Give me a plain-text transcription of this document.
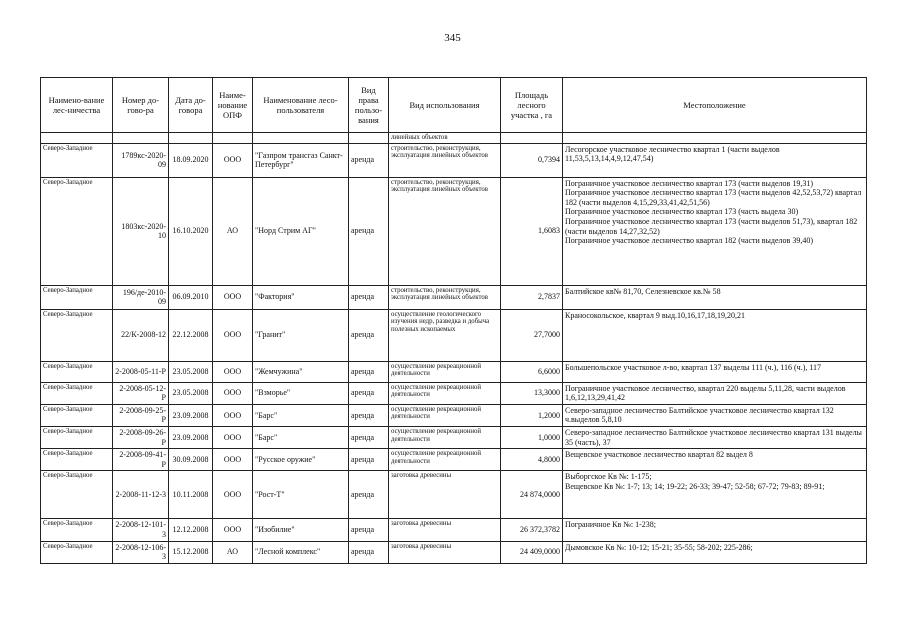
345
Наимено-вание лес-ничества	Номер до-гово-ра	Дата до-говора	Наиме-нование ОПФ	Наименование лесо-пользователя	Вид права пользо-вания	Вид использования	Площадь лесного участка , га	Местоположение
						линейных объектов		
Северо-Западное	1789кс-2020-09	18.09.2020	ООО	"Газпром трансгаз Санкт-Петербург"	аренда	строительство, реконструкция, эксплуатация линейных объектов	0,7394	Лесогорское участковое лесничество квартал 1 (части выделов 11,53,5,13,14,4,9,12,47,54)
Северо-Западное	1803кс-2020-10	16.10.2020	АО	"Норд Стрим АГ"	аренда	строительство, реконструкция, эксплуатация линейных объектов	1,6083	Пограничное участковое лесничество квартал 173 (части выделов 19,31)
Пограничное участковое лесничество квартал 173 (части выделов 42,52,53,72) квартал 182 (части выделов 4,15,29,33,41,42,51,56)
Пограничное участковое лесничество квартал 173 (часть выдела 30)
Пограничное участковое лесничество квартал 173 (части выделов 51,73), квартал 182 (части выделов 14,27,32,52)
Пограничное участковое лесничество квартал 182 (части выделов 39,40)
Северо-Западное	196/де-2010-09	06.09.2010	ООО	"Фактория"	аренда	строительство, реконструкция, эксплуатация линейных объектов	2,7837	Балтийское кв№ 81,70, Селезневское кв.№ 58
Северо-Западное	22/К-2008-12	22.12.2008	ООО	"Гранит"	аренда	осуществление геологического изучения недр, разведка и добыча полезных ископаемых	27,7000	Краносокольское, квартал 9 выд.10,16,17,18,19,20,21
Северо-Западное	2-2008-05-11-Р	23.05.2008	ООО	"Жемчужина"	аренда	осуществление рекреационной деятельности	6,6000	Большепольское участковое л-во, квартал 137 выделы 111 (ч.), 116 (ч.), 117
Северо-Западное	2-2008-05-12-Р	23.05.2008	ООО	"Взморье"	аренда	осуществление рекреационной деятельности	13,3000	Пограничное участковое лесничество, квартал 220 выделы 5,11,28, части выделов 1,6,12,13,29,41,42
Северо-Западное	2-2008-09-25-Р	23.09.2008	ООО	"Барс"	аренда	осуществление рекреационной деятельности	1,2000	Северо-западное лесничество Балтийское участковое лесничество квартал 132 ч.выделов 5,8,10
Северо-Западное	2-2008-09-26-Р	23.09.2008	ООО	"Барс"	аренда	осуществление рекреационной деятельности	1,0000	Северо-западное лесничество Балтийское участковое лесничество квартал 131 выделы 35 (часть), 37
Северо-Западное	2-2008-09-41-Р	30.09.2008	ООО	"Русское оружие"	аренда	осуществление рекреационной деятельности	4,8000	Вещевское участковое лесничество квартал 82 выдел 8
Северо-Западное	2-2008-11-12-3	10.11.2008	ООО	"Рост-Т"	аренда	заготовка древесины	24 874,0000	Выборгское Кв №: 1-175;
Вещевское Кв №: 1-7; 13; 14; 19-22; 26-33; 39-47; 52-58; 67-72; 79-83; 89-91;
Северо-Западное	2-2008-12-101-3	12.12.2008	ООО	"Изобилие"	аренда	заготовка древесины	26 372,3782	Пограничное Кв №: 1-238;
Северо-Западное	2-2008-12-106-3	15.12.2008	АО	"Лесной комплекс"	аренда	заготовка древесины	24 409,0000	Дымовское Кв №: 10-12; 15-21; 35-55; 58-202; 225-286;
